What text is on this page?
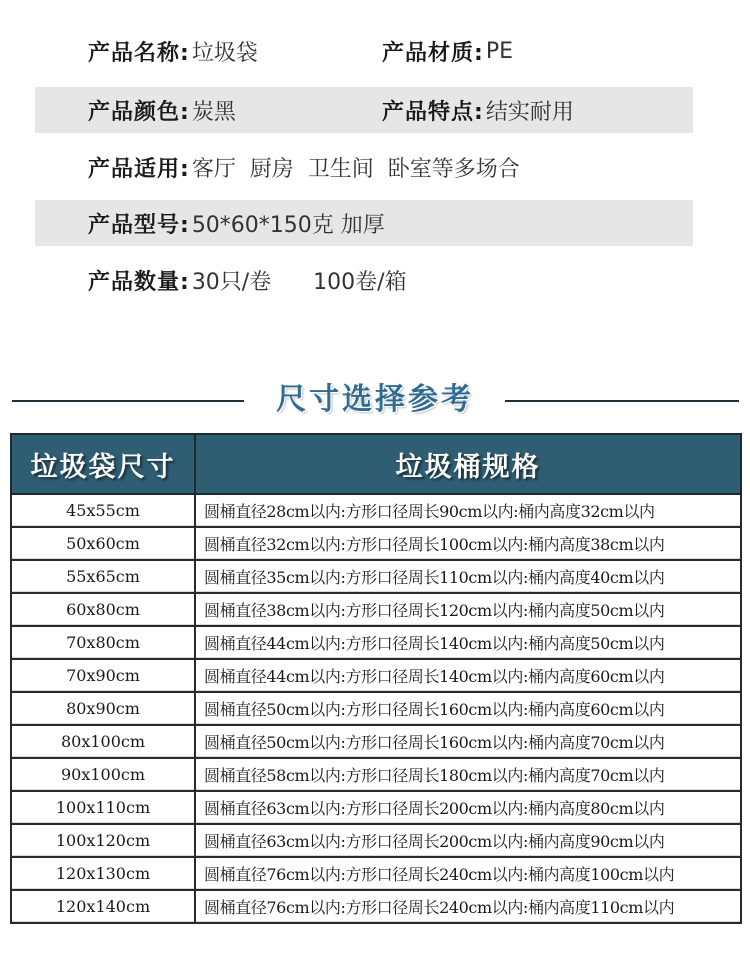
产品名称: 垃圾袋	产品材质: PE
产品颜色: 炭黑	产品特点: 结实耐用
产品适用: 客厅  厨房  卫生间  卧室等多场合
产品型号: 50*60*150克 加厚
产品数量: 30只/卷      100卷/箱
尺寸选择参考
垃圾袋尺寸	垃圾桶规格
45x55cm	圆桶直径28cm以内:方形口径周长90cm以内:桶内高度32cm以内
50x60cm	圆桶直径32cm以内:方形口径周长100cm以内:桶内高度38cm以内
55x65cm	圆桶直径35cm以内:方形口径周长110cm以内:桶内高度40cm以内
60x80cm	圆桶直径38cm以内:方形口径周长120cm以内:桶内高度50cm以内
70x80cm	圆桶直径44cm以内:方形口径周长140cm以内:桶内高度50cm以内
70x90cm	圆桶直径44cm以内:方形口径周长140cm以内:桶内高度60cm以内
80x90cm	圆桶直径50cm以内:方形口径周长160cm以内:桶内高度60cm以内
80x100cm	圆桶直径50cm以内:方形口径周长160cm以内:桶内高度70cm以内
90x100cm	圆桶直径58cm以内:方形口径周长180cm以内:桶内高度70cm以内
100x110cm	圆桶直径63cm以内:方形口径周长200cm以内:桶内高度80cm以内
100x120cm	圆桶直径63cm以内:方形口径周长200cm以内:桶内高度90cm以内
120x130cm	圆桶直径76cm以内:方形口径周长240cm以内:桶内高度100cm以内
120x140cm	圆桶直径76cm以内:方形口径周长240cm以内:桶内高度110cm以内
